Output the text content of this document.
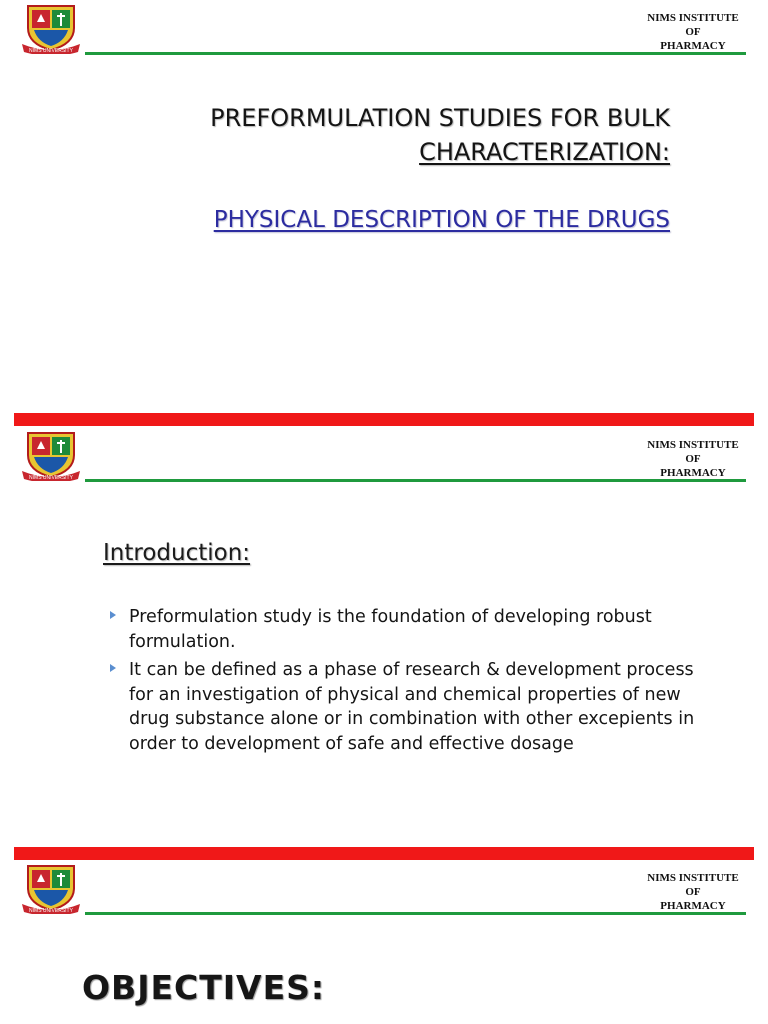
NIMS UNIVERSITY
NIMS INSTITUTE
OF
PHARMACY
PREFORMULATION STUDIES FOR BULK
CHARACTERIZATION:
PHYSICAL DESCRIPTION OF THE DRUGS
NIMS UNIVERSITY
NIMS INSTITUTE
OF
PHARMACY
Introduction:
Preformulation study is the foundation of developing robust formulation.
It can be defined as a phase of research & development process for an investigation of physical and chemical properties of new drug substance alone or in combination with other excepients in order to development of safe and effective dosage
NIMS UNIVERSITY
NIMS INSTITUTE
OF
PHARMACY
OBJECTIVES:
